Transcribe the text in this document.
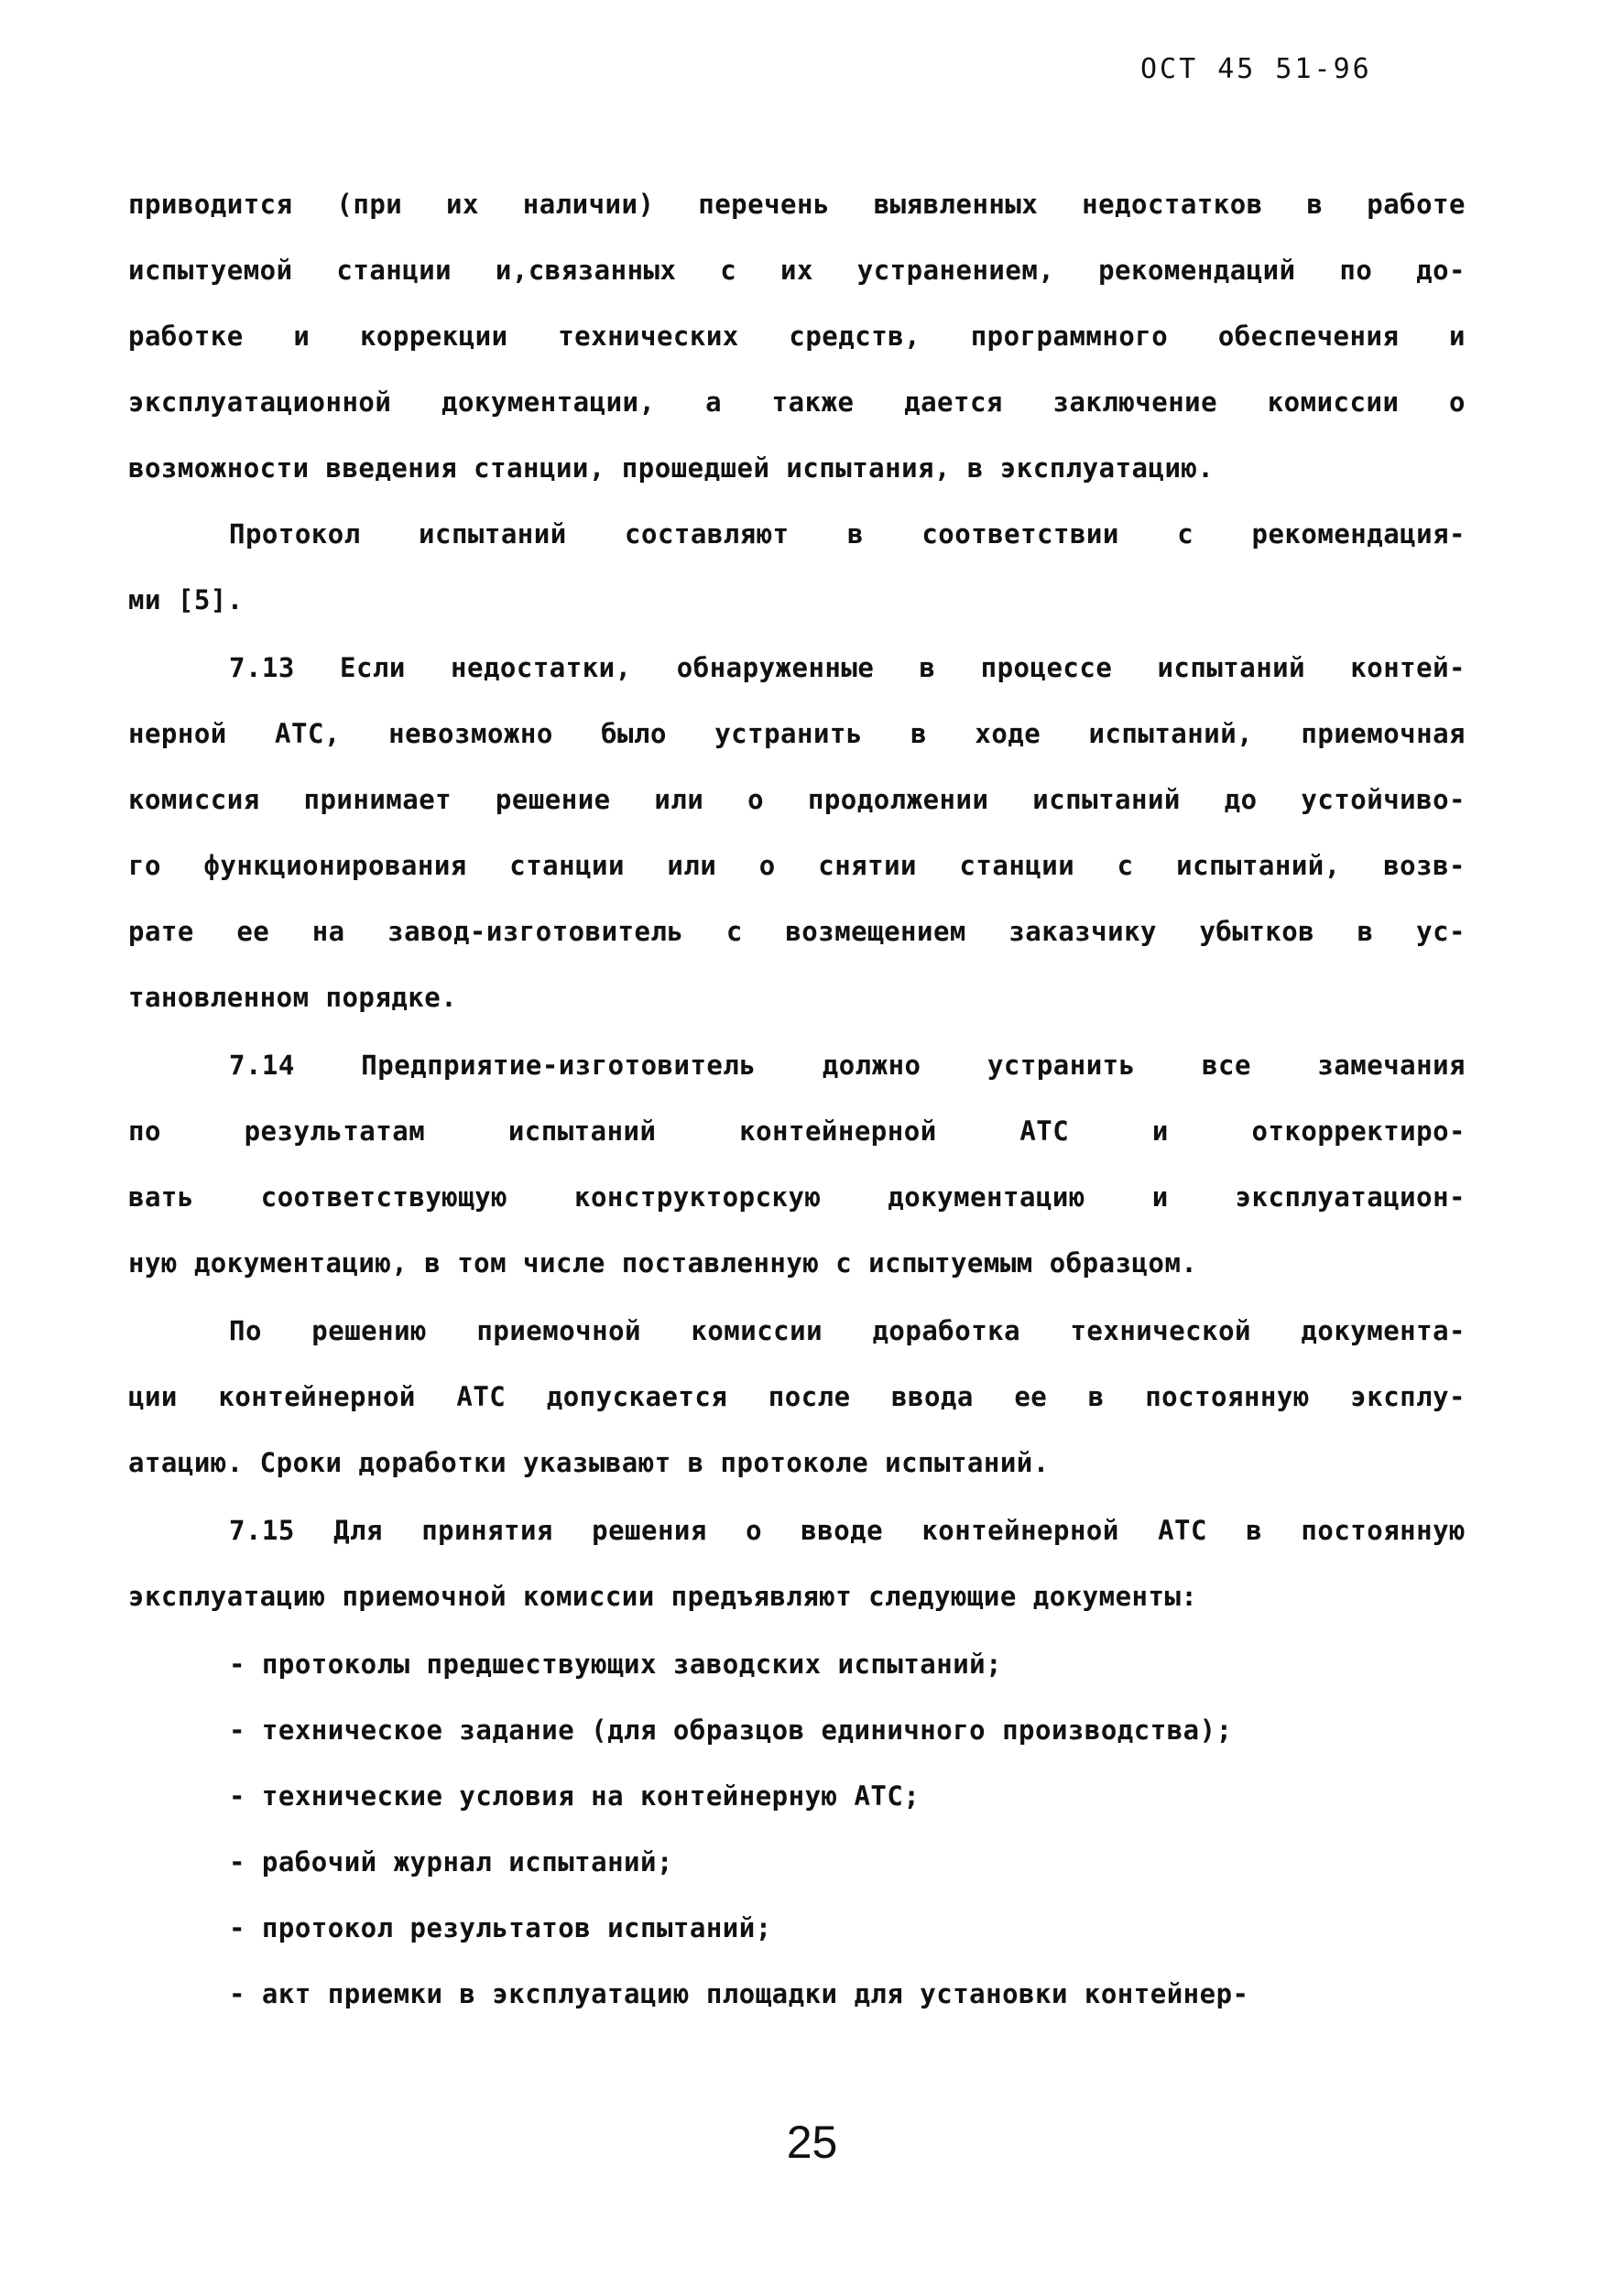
ОСТ 45 51-96
приводится (при их наличии) перечень выявленных недостатков в работе
испытуемой станции и,связанных с их устранением, рекомендаций по до-
работке и коррекции технических средств, программного обеспечения и
эксплуатационной документации, а также дается заключение комиссии о
возможности введения станции, прошедшей испытания, в эксплуатацию.
Протокол испытаний составляют в соответствии с рекомендация-
ми [5].
7.13 Если недостатки, обнаруженные в процессе испытаний контей-
нерной АТС, невозможно было устранить в ходе испытаний, приемочная
комиссия принимает решение или о продолжении испытаний до устойчиво-
го функционирования станции или о снятии станции с испытаний, возв-
рате ее на завод-изготовитель с возмещением заказчику убытков в ус-
тановленном порядке.
7.14 Предприятие-изготовитель должно устранить все замечания
по результатам испытаний контейнерной АТС и откорректиро-
вать соответствующую конструкторскую документацию и эксплуатацион-
ную документацию, в том числе поставленную с испытуемым образцом.
По решению приемочной комиссии доработка технической документа-
ции контейнерной АТС допускается после ввода ее в постоянную эксплу-
атацию. Сроки доработки указывают в протоколе испытаний.
7.15 Для принятия решения о вводе контейнерной АТС в постоянную
эксплуатацию приемочной комиссии предъявляют следующие документы:
- протоколы предшествующих заводских испытаний;
- техническое задание (для образцов единичного производства);
- технические условия на контейнерную АТС;
- рабочий журнал испытаний;
- протокол результатов испытаний;
- акт приемки в эксплуатацию площадки для установки контейнер-
25
